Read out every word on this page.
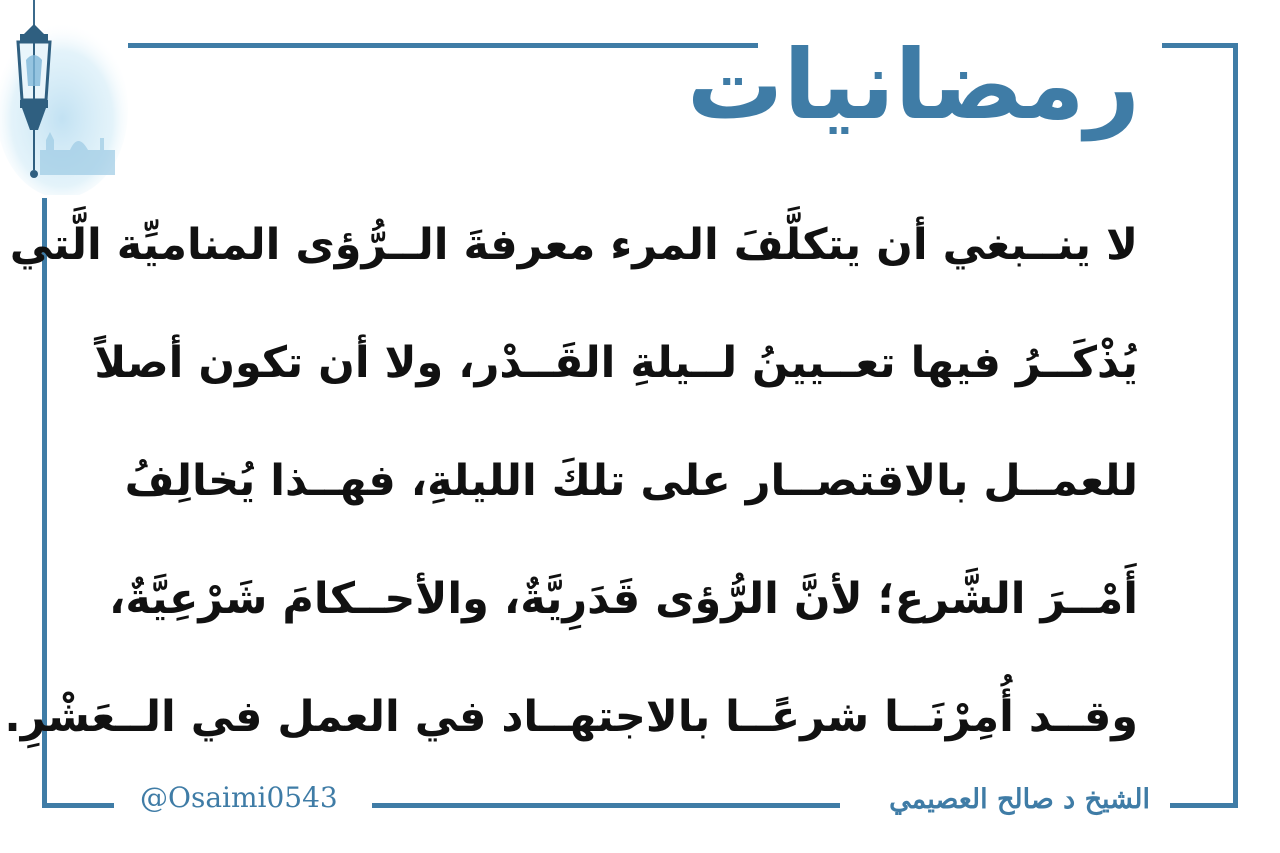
رمضانيات
لا ينــبغي أن يتكلَّفَ المرء معرفةَ الــرُّؤى المناميِّة الَّتي
يُذْكَــرُ فيها تعــيينُ لــيلةِ القَــدْر، ولا أن تكون أصلاً
للعمــل بالاقتصــار على تلكَ الليلةِ، فهــذا يُخالِفُ
أَمْــرَ الشَّرع؛ لأنَّ الرُّؤى قَدَرِيَّةٌ، والأحــكامَ شَرْعِيَّةٌ،
وقــد أُمِرْنَــا شرعًــا بالاجتهــاد في العمل في الــعَشْرِ.
@Osaimi0543	الشيخ د صالح العصيمي
